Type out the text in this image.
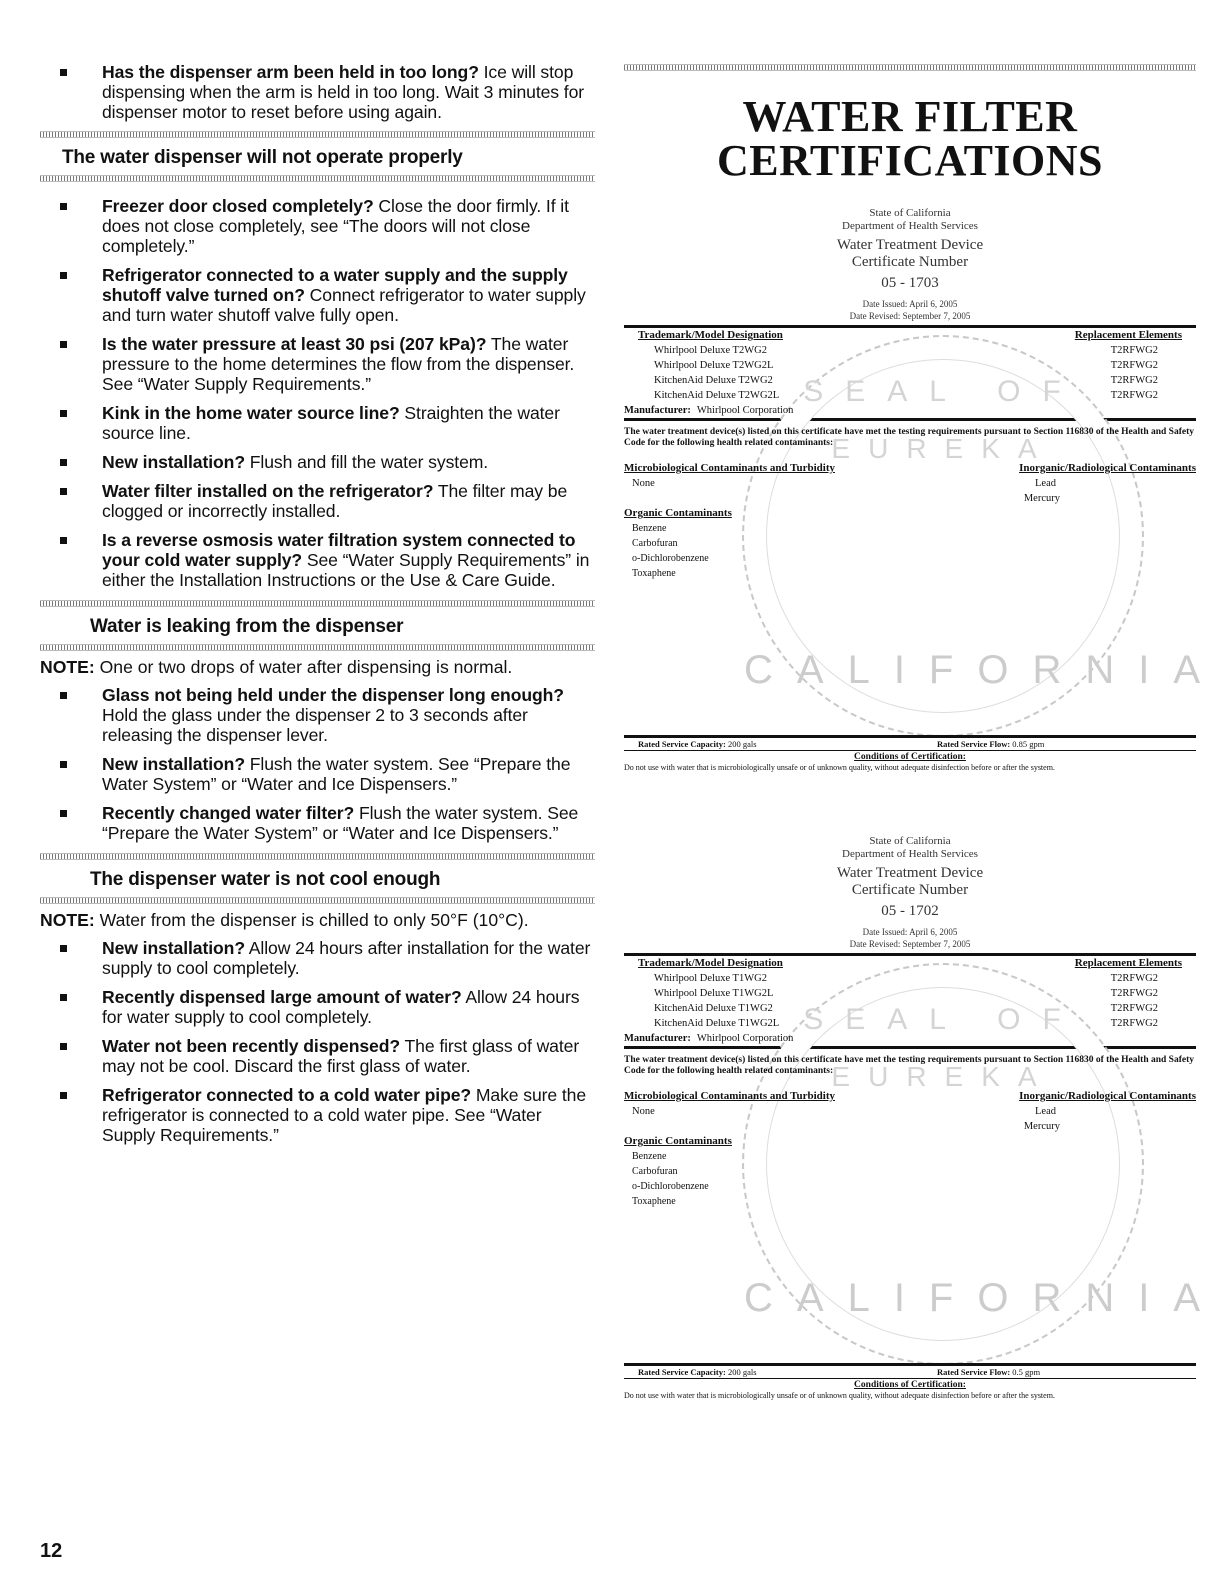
Has the dispenser arm been held in too long? Ice will stop dispensing when the arm is held in too long. Wait 3 minutes for dispenser motor to reset before using again.
The water dispenser will not operate properly
Freezer door closed completely? Close the door firmly. If it does not close completely, see “The doors will not close completely.”
Refrigerator connected to a water supply and the supply shutoff valve turned on? Connect refrigerator to water supply and turn water shutoff valve fully open.
Is the water pressure at least 30 psi (207 kPa)? The water pressure to the home determines the flow from the dispenser. See “Water Supply Requirements.”
Kink in the home water source line? Straighten the water source line.
New installation? Flush and fill the water system.
Water filter installed on the refrigerator? The filter may be clogged or incorrectly installed.
Is a reverse osmosis water filtration system connected to your cold water supply? See “Water Supply Requirements” in either the Installation Instructions or the Use & Care Guide.
Water is leaking from the dispenser
NOTE: One or two drops of water after dispensing is normal.
Glass not being held under the dispenser long enough? Hold the glass under the dispenser 2 to 3 seconds after releasing the dispenser lever.
New installation? Flush the water system. See “Prepare the Water System” or “Water and Ice Dispensers.”
Recently changed water filter? Flush the water system. See “Prepare the Water System” or “Water and Ice Dispensers.”
The dispenser water is not cool enough
NOTE: Water from the dispenser is chilled to only 50°F (10°C).
New installation? Allow 24 hours after installation for the water supply to cool completely.
Recently dispensed large amount of water? Allow 24 hours for water supply to cool completely.
Water not been recently dispensed? The first glass of water may not be cool. Discard the first glass of water.
Refrigerator connected to a cold water pipe? Make sure the refrigerator is connected to a cold water pipe. See “Water Supply Requirements.”
12
WATER FILTER
CERTIFICATIONS
SEAL OF
EUREKA
CALIFORNIA
State of California
Department of Health Services
Water Treatment Device
Certificate Number
05 - 1703
Date Issued: April 6, 2005
Date Revised: September 7, 2005
Trademark/Model Designation	Replacement Elements
Whirlpool Deluxe T2WG2	T2RFWG2
Whirlpool Deluxe T2WG2L	T2RFWG2
KitchenAid Deluxe T2WG2	T2RFWG2
KitchenAid Deluxe T2WG2L	T2RFWG2
Manufacturer: Whirlpool Corporation
The water treatment device(s) listed on this certificate have met the testing requirements pursuant to Section 116830 of the Health and Safety Code for the following health related contaminants:
Microbiological Contaminants and Turbidity	Inorganic/Radiological Contaminants
None	Lead
Mercury
Organic Contaminants
Benzene
Carbofuran
o-Dichlorobenzene
Toxaphene
Rated Service Capacity: 200 gals	Rated Service Flow: 0.85 gpm
Conditions of Certification:
Do not use with water that is microbiologically unsafe or of unknown quality, without adequate disinfection before or after the system.
SEAL OF
EUREKA
CALIFORNIA
State of California
Department of Health Services
Water Treatment Device
Certificate Number
05 - 1702
Date Issued: April 6, 2005
Date Revised: September 7, 2005
Trademark/Model Designation	Replacement Elements
Whirlpool Deluxe T1WG2	T2RFWG2
Whirlpool Deluxe T1WG2L	T2RFWG2
KitchenAid Deluxe T1WG2	T2RFWG2
KitchenAid Deluxe T1WG2L	T2RFWG2
Manufacturer: Whirlpool Corporation
The water treatment device(s) listed on this certificate have met the testing requirements pursuant to Section 116830 of the Health and Safety Code for the following health related contaminants:
Microbiological Contaminants and Turbidity	Inorganic/Radiological Contaminants
None	Lead
Mercury
Organic Contaminants
Benzene
Carbofuran
o-Dichlorobenzene
Toxaphene
Rated Service Capacity: 200 gals	Rated Service Flow: 0.5 gpm
Conditions of Certification:
Do not use with water that is microbiologically unsafe or of unknown quality, without adequate disinfection before or after the system.
